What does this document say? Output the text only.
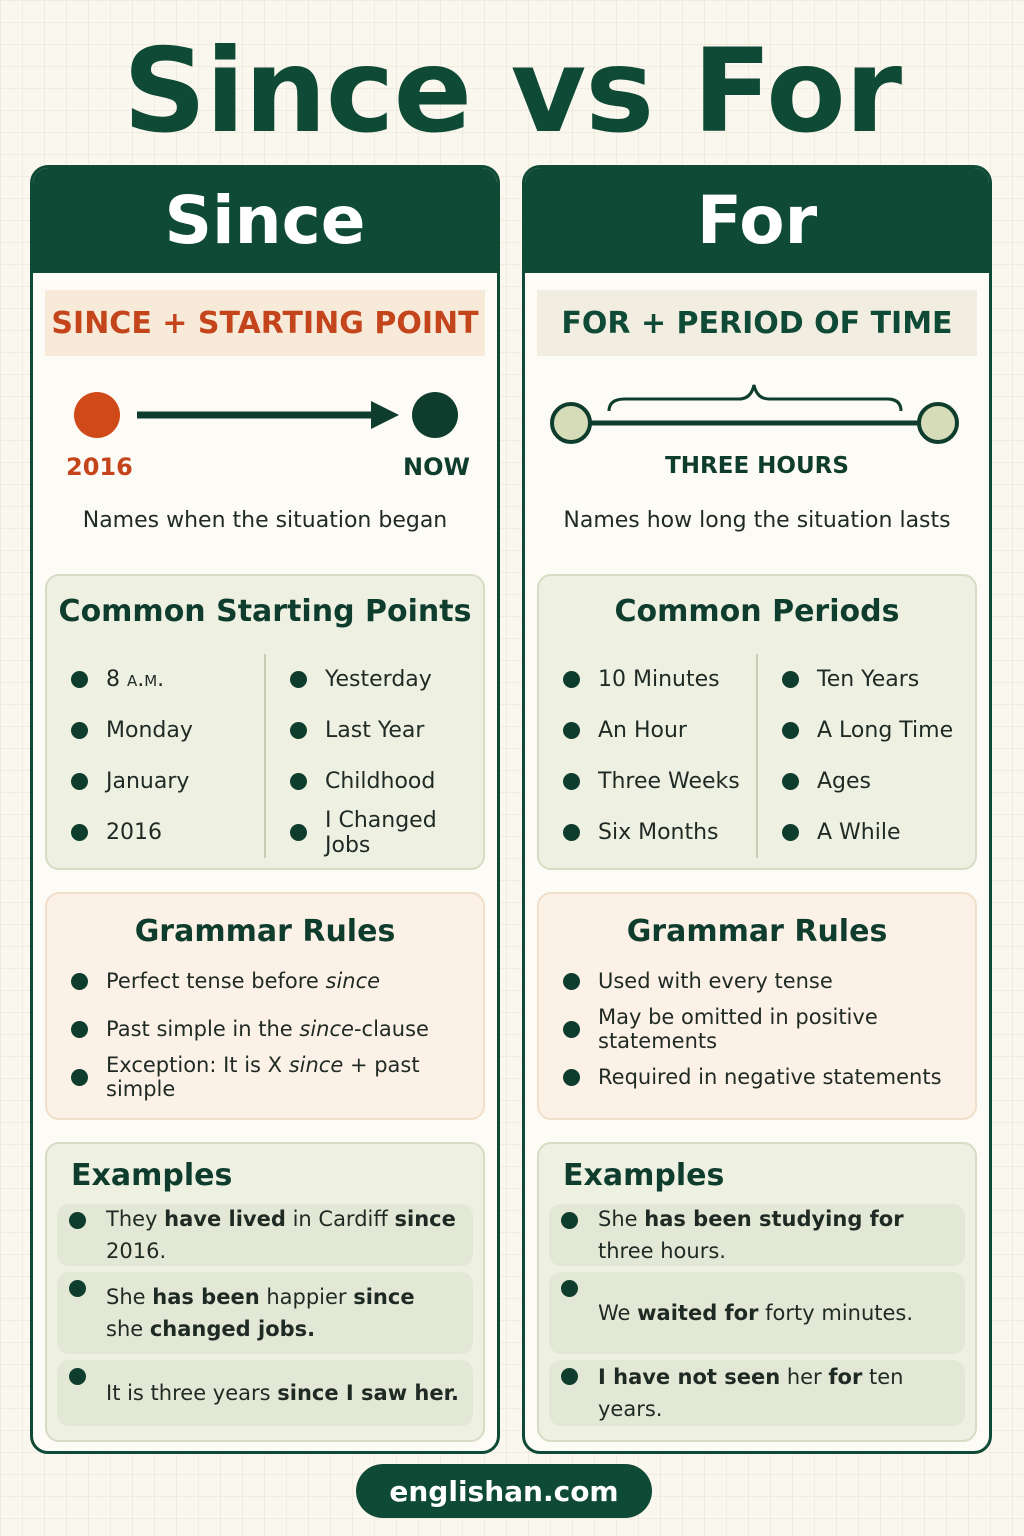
Since vs For
Since
SINCE + STARTING POINT
2016	NOW
Names when the situation began
Common Starting Points
8 a.m.
Monday
January
2016
Yesterday
Last Year
Childhood
I Changed Jobs
Grammar Rules
Perfect tense before since
Past simple in the since-clause
Exception: It is X since + past simple
Examples
They have lived in Cardiff since 2016.
She has been happier since
she changed jobs.
It is three years since I saw her.
For
FOR + PERIOD OF TIME
THREE HOURS
Names how long the situation lasts
Common Periods
10 Minutes
An Hour
Three Weeks
Six Months
Ten Years
A Long Time
Ages
A While
Grammar Rules
Used with every tense
May be omitted in positive statements
Required in negative statements
Examples
She has been studying for three hours.
We waited for forty minutes.
I have not seen her for ten years.
englishan.com
